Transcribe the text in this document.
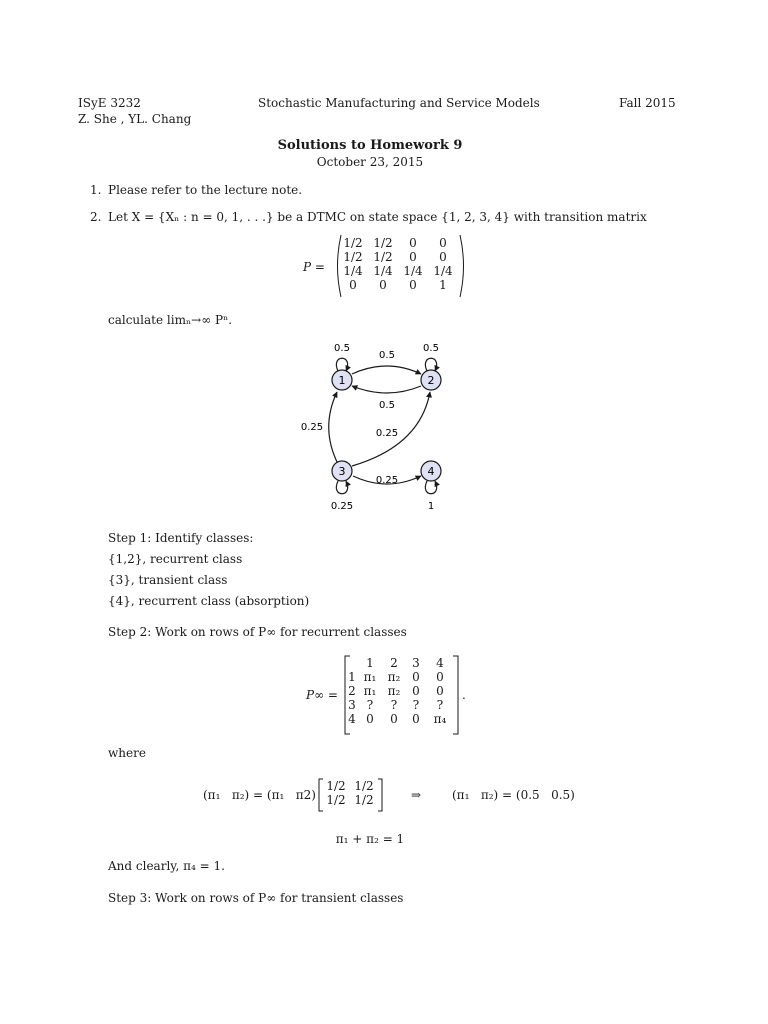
ISyE 3232
Z. She , YL. Chang
Stochastic Manufacturing and Service Models	Fall 2015
Solutions to Homework 9
October 23, 2015
1. Please refer to the lecture note.
2. Let X = {Xₙ : n = 0, 1, . . .} be a DTMC on state space {1, 2, 3, 4} with transition matrix
P =
1/2 1/2	0	0
1/2 1/2	0	0
1/4 1/4 1/4 1/4
0	0	0	1
calculate limₙ→∞ Pⁿ.
1	2
3	4
0.5	0.5
0.5
0.5
0.25
0.25
0.25
0.25	1
Step 1: Identify classes:
{1,2}, recurrent class
{3}, transient class
{4}, recurrent class (absorption)
Step 2: Work on rows of P∞ for recurrent classes
P∞ =
1	2	3	4
1 π₁ π₂ 0	0
2 π₁ π₂ 0	0
3 ?	?	?	?
4 0	0	0	π₄
.
where
(π₁   π₂) = (π₁   π2)
1/2 1/2
1/2 1/2	⇒	(π₁   π₂) = (0.5   0.5)
π₁ + π₂ = 1
And clearly, π₄ = 1.
Step 3: Work on rows of P∞ for transient classes
